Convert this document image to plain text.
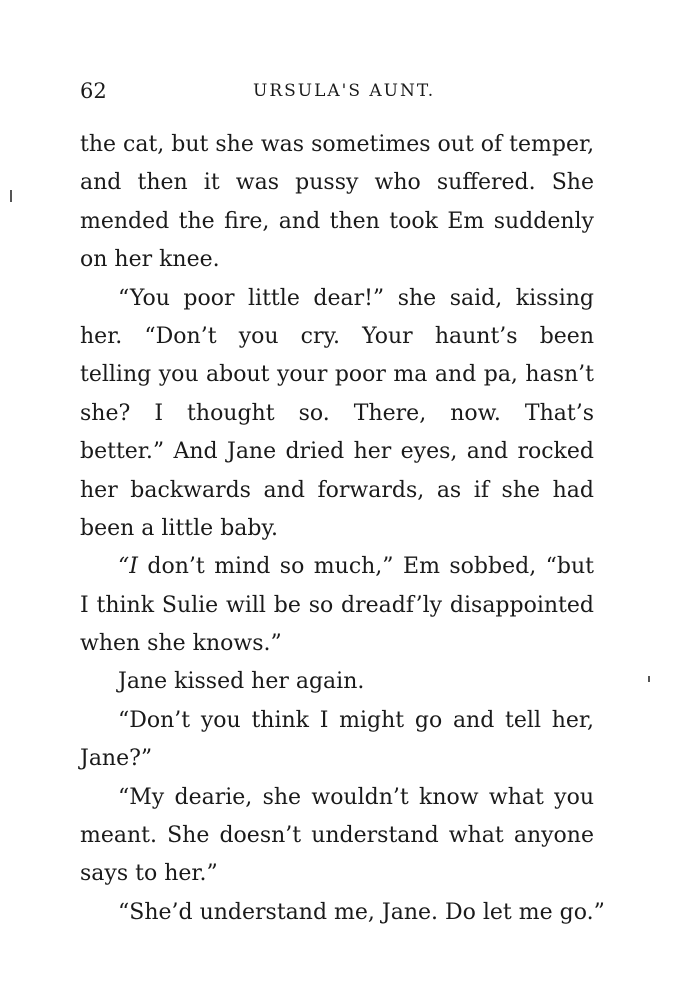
62	URSULA'S AUNT.
the cat, but she was sometimes out of temper,
and then it was pussy who suffered. She
mended the fire, and then took Em suddenly
on her knee.
“You poor little dear!” she said, kissing
her. “Don’t you cry. Your haunt’s been
telling you about your poor ma and pa, hasn’t
she? I thought so. There, now. That’s
better.” And Jane dried her eyes, and rocked
her backwards and forwards, as if she had
been a little baby.
“I don’t mind so much,” Em sobbed, “but
I think Sulie will be so dreadf’ly disappointed
when she knows.”
Jane kissed her again.
“Don’t you think I might go and tell her,
Jane?”
“My dearie, she wouldn’t know what you
meant. She doesn’t understand what anyone
says to her.”
“She’d understand me, Jane. Do let me go.”
